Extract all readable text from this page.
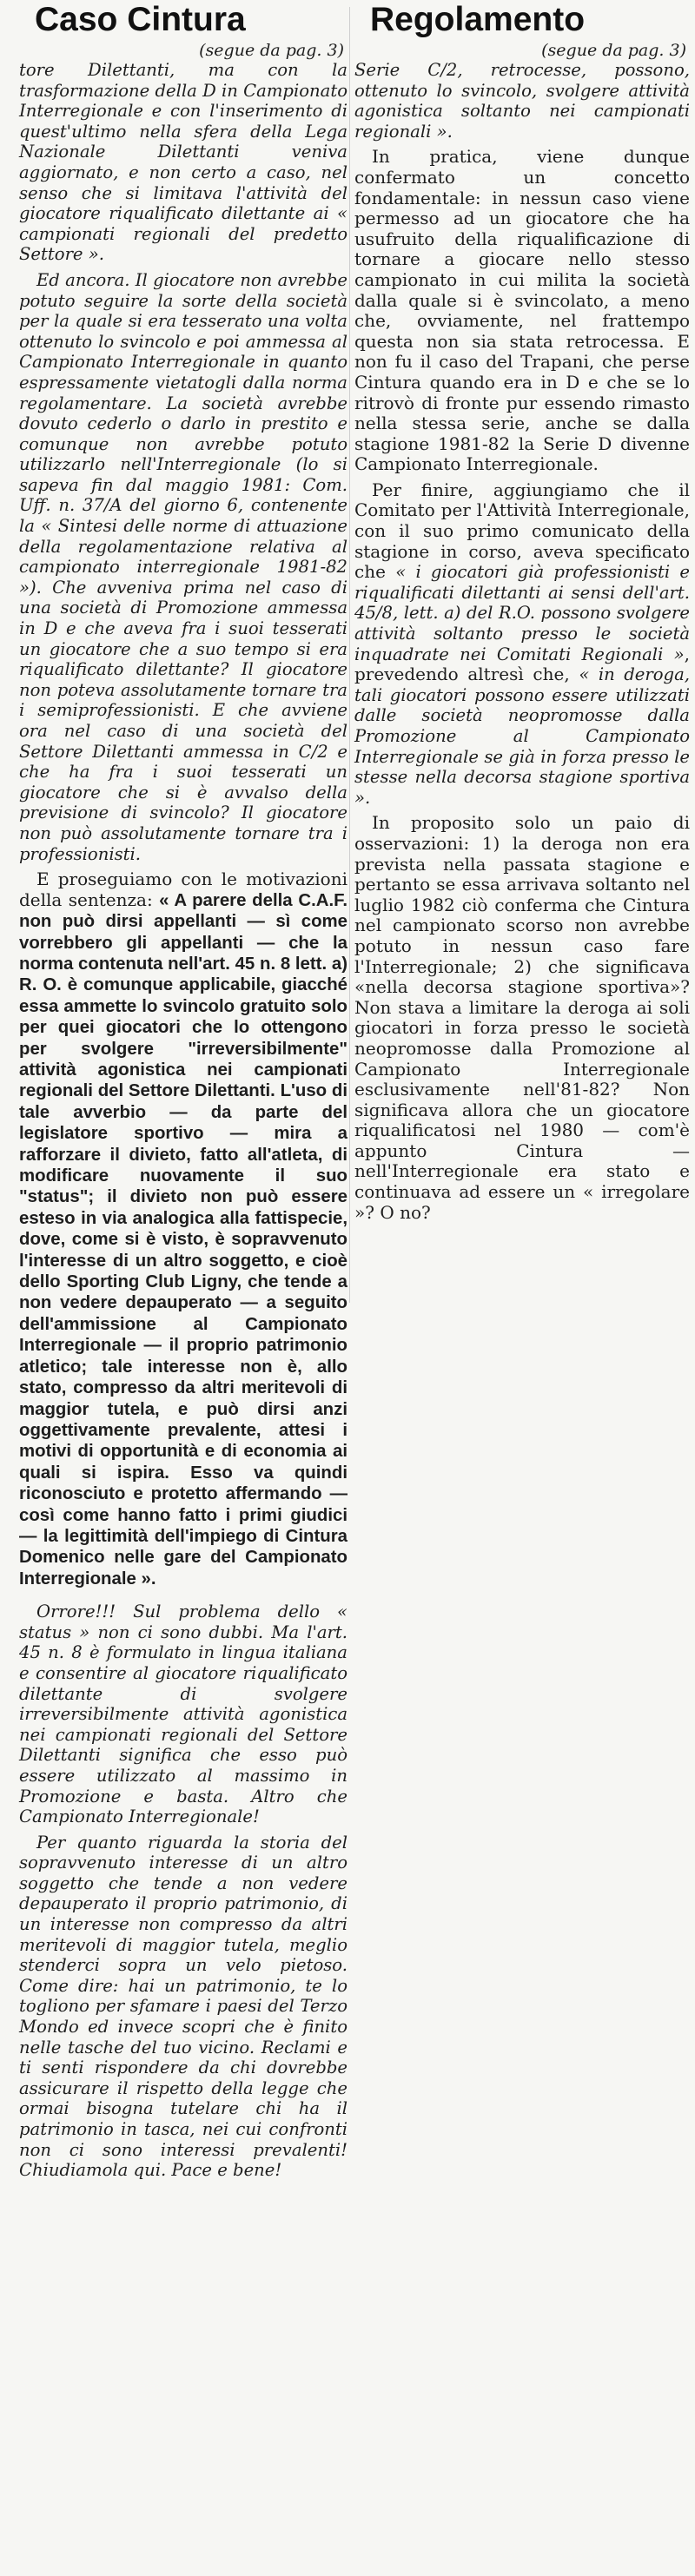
Caso Cintura

(segue da pag. 3)

tore Dilettanti, ma con la trasformazione della D in Campionato Interregionale e con l'inserimento di quest'ultimo nella sfera della Lega Nazionale Dilettanti veniva aggiornato, e non certo a caso, nel senso che si limitava l'attività del giocatore riqualificato dilettante ai « campionati regionali del predetto Settore ».

Ed ancora. Il giocatore non avrebbe potuto seguire la sorte della società per la quale si era tesserato una volta ottenuto lo svincolo e poi ammessa al Campionato Interregionale in quanto espressamente vietatogli dalla norma regolamentare. La società avrebbe dovuto cederlo o darlo in prestito e comunque non avrebbe potuto utilizzarlo nell'Interregionale (lo si sapeva fin dal maggio 1981: Com. Uff. n. 37/A del giorno 6, contenente la « Sintesi delle norme di attuazione della regolamentazione relativa al campionato interregionale 1981-82 »). Che avveniva prima nel caso di una società di Promozione ammessa in D e che aveva fra i suoi tesserati un giocatore che a suo tempo si era riqualificato dilettante? Il giocatore non poteva assolutamente tornare tra i semiprofessionisti. E che avviene ora nel caso di una società del Settore Dilettanti ammessa in C/2 e che ha fra i suoi tesserati un giocatore che si è avvalso della previsione di svincolo? Il giocatore non può assolutamente tornare tra i professionisti.

E proseguiamo con le motivazioni della sentenza: « A parere della C.A.F. non può dirsi appellanti — sì come vorrebbero gli appellanti — che la norma contenuta nell'art. 45 n. 8 lett. a) R. O. è comunque applicabile, giacché essa ammette lo svincolo gratuito solo per quei giocatori che lo ottengono per svolgere "irreversibilmente" attività agonistica nei campionati regionali del Settore Dilettanti. L'uso di tale avverbio — da parte del legislatore sportivo — mira a rafforzare il divieto, fatto all'atleta, di modificare nuovamente il suo "status"; il divieto non può essere esteso in via analogica alla fattispecie, dove, come si è visto, è sopravvenuto l'interesse di un altro soggetto, e cioè dello Sporting Club Ligny, che tende a non vedere depauperato — a seguito dell'ammissione al Campionato Interregionale — il proprio patrimonio atletico; tale interesse non è, allo stato, compresso da altri meritevoli di maggior tutela, e può dirsi anzi oggettivamente prevalente, attesi i motivi di opportunità e di economia ai quali si ispira. Esso va quindi riconosciuto e protetto affermando — così come hanno fatto i primi giudici — la legittimità dell'impiego di Cintura Domenico nelle gare del Campionato Interregionale ».

Orrore!!! Sul problema dello « status » non ci sono dubbi. Ma l'art. 45 n. 8 è formulato in lingua italiana e consentire al giocatore riqualificato dilettante di svolgere irreversibilmente attività agonistica nei campionati regionali del Settore Dilettanti significa che esso può essere utilizzato al massimo in Promozione e basta. Altro che Campionato Interregionale!

Per quanto riguarda la storia del sopravvenuto interesse di un altro soggetto che tende a non vedere depauperato il proprio patrimonio, di un interesse non compresso da altri meritevoli di maggior tutela, meglio stenderci sopra un velo pietoso. Come dire: hai un patrimonio, te lo togliono per sfamare i paesi del Terzo Mondo ed invece scopri che è finito nelle tasche del tuo vicino. Reclami e ti senti rispondere da chi dovrebbe assicurare il rispetto della legge che ormai bisogna tutelare chi ha il patrimonio in tasca, nei cui confronti non ci sono interessi prevalenti! Chiudiamola qui. Pace e bene!

Regolamento

(segue da pag. 3)

Serie C/2, retrocesse, possono, ottenuto lo svincolo, svolgere attività agonistica soltanto nei campionati regionali ».

In pratica, viene dunque confermato un concetto fondamentale: in nessun caso viene permesso ad un giocatore che ha usufruito della riqualificazione di tornare a giocare nello stesso campionato in cui milita la società dalla quale si è svincolato, a meno che, ovviamente, nel frattempo questa non sia stata retrocessa. E non fu il caso del Trapani, che perse Cintura quando era in D e che se lo ritrovò di fronte pur essendo rimasto nella stessa serie, anche se dalla stagione 1981-82 la Serie D divenne Campionato Interregionale.

Per finire, aggiungiamo che il Comitato per l'Attività Interregionale, con il suo primo comunicato della stagione in corso, aveva specificato che « i giocatori già professionisti e riqualificati dilettanti ai sensi dell'art. 45/8, lett. a) del R.O. possono svolgere attività soltanto presso le società inquadrate nei Comitati Regionali », prevedendo altresì che, « in deroga, tali giocatori possono essere utilizzati dalle società neopromosse dalla Promozione al Campionato Interregionale se già in forza presso le stesse nella decorsa stagione sportiva ».

In proposito solo un paio di osservazioni: 1) la deroga non era prevista nella passata stagione e pertanto se essa arrivava soltanto nel luglio 1982 ciò conferma che Cintura nel campionato scorso non avrebbe potuto in nessun caso fare l'Interregionale; 2) che significava «nella decorsa stagione sportiva»? Non stava a limitare la deroga ai soli giocatori in forza presso le società neopromosse dalla Promozione al Campionato Interregionale esclusivamente nell'81-82? Non significava allora che un giocatore riqualificatosi nel 1980 — com'è appunto Cintura — nell'Interregionale era stato e continuava ad essere un « irregolare »? O no?
